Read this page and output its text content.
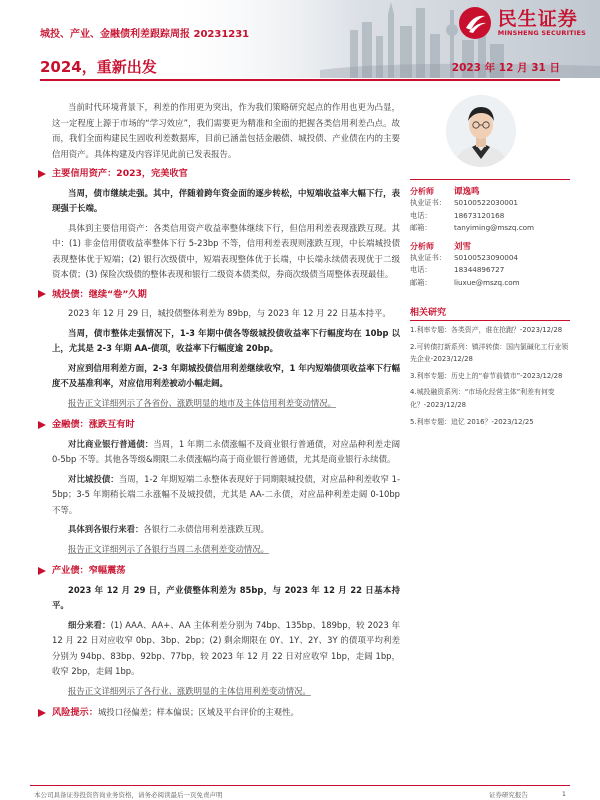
民生证券
MINSHENG SECURITIES
城投、产业、金融债利差跟踪周报 20231231
2024，重新出发	2023 年 12 月 31 日

当前时代环境背景下，利差的作用更为突出，作为我们策略研究起点的作用也更为凸显，这一定程度上源于市场的“学习效应”，我们需要更为精准和全面的把握各类信用利差凸点。故而，我们全面构建民生固收利差数据库，目前已涵盖包括金融债、城投债、产业债在内的主要信用资产。具体构建及内容详见此前已发表报告。

主要信用资产：2023，完美收官

当周，债市继续走强。其中，伴随着跨年资金面的逐步转松，中短端收益率大幅下行，表现强于长端。

具体到主要信用资产：各类信用资产收益率整体继续下行，但信用利差表现涨跌互现。其中：(1) 非金信用债收益率整体下行 5-23bp 不等，信用利差表现则涨跌互现，中长端城投债表现整体优于短端；(2) 银行次级债中，短端表现整体优于长端，中长端永续债表现优于二级资本债；(3) 保险次级债的整体表现和银行二级资本债类似，券商次级债当周整体表现最佳。

城投债：继续“卷”久期

2023 年 12 月 29 日，城投债整体利差为 89bp，与 2023 年 12 月 22 日基本持平。

当周，债市整体走强情况下，1-3 年期中债各等级城投债收益率下行幅度均在 10bp 以上，尤其是 2-3 年期 AA-债项，收益率下行幅度逾 20bp。

对应到信用利差方面，2-3 年期城投债信用利差继续收窄，1 年内短端债项收益率下行幅度不及基准利率，对应信用利差被动小幅走阔。

报告正文详细列示了各省份、涨跌明显的地市及主体信用利差变动情况。

金融债：涨跌互有时

对比商业银行普通债：当周，1 年期二永债涨幅不及商业银行普通债，对应品种利差走阔 0-5bp 不等。其他各等级&期限二永债涨幅均高于商业银行普通债，尤其是商业银行永续债。

对比城投债：当周，1-2 年期短端二永整体表现好于同期限城投债，对应品种利差收窄 1-5bp；3-5 年期稍长端二永涨幅不及城投债，尤其是 AA-二永债，对应品种利差走阔 0-10bp 不等。

具体到各银行来看：各银行二永债信用利差涨跌互现。

报告正文详细列示了各银行当周二永债利差变动情况。

产业债：窄幅震荡

2023 年 12 月 29 日，产业债整体利差为 85bp，与 2023 年 12 月 22 日基本持平。

细分来看：(1) AAA、AA+、AA 主体利差分别为 74bp、135bp、189bp，较 2023 年 12 月 22 日对应收窄 0bp、3bp、2bp；(2) 剩余期限在 0Y、1Y、2Y、3Y 的债项平均利差分别为 94bp、83bp、92bp、77bp，较 2023 年 12 月 22 日对应收窄 1bp，走阔 1bp，收窄 2bp，走阔 1bp。

报告正文详细列示了各行业、涨跌明显的主体信用利差变动情况。

风险提示： 城投口径偏差；样本偏误；区域及平台评价的主观性。
分析师	谭逸鸣
执业证书：	S0100522030001
电话：	18673120168
邮箱：	tanyiming@mszq.com
分析师	刘雪
执业证书：	S0100523090004
电话：	18344896727
邮箱：	liuxue@mszq.com
相关研究
1.利率专题：各类资产，谁在抢跑？-2023/12/28
2.可转债打新系列：镇洋转债：国内氯碱化工行业领先企业-2023/12/28
3.利率专题：历史上的“春节前债市”-2023/12/28
4.城投融资系列：“市场化经营主体”利差有何变化？-2023/12/28
5.利率专题：追忆 2016？-2023/12/25
本公司具备证券投资咨询业务资格，请务必阅读最后一页免责声明	证券研究报告	1
